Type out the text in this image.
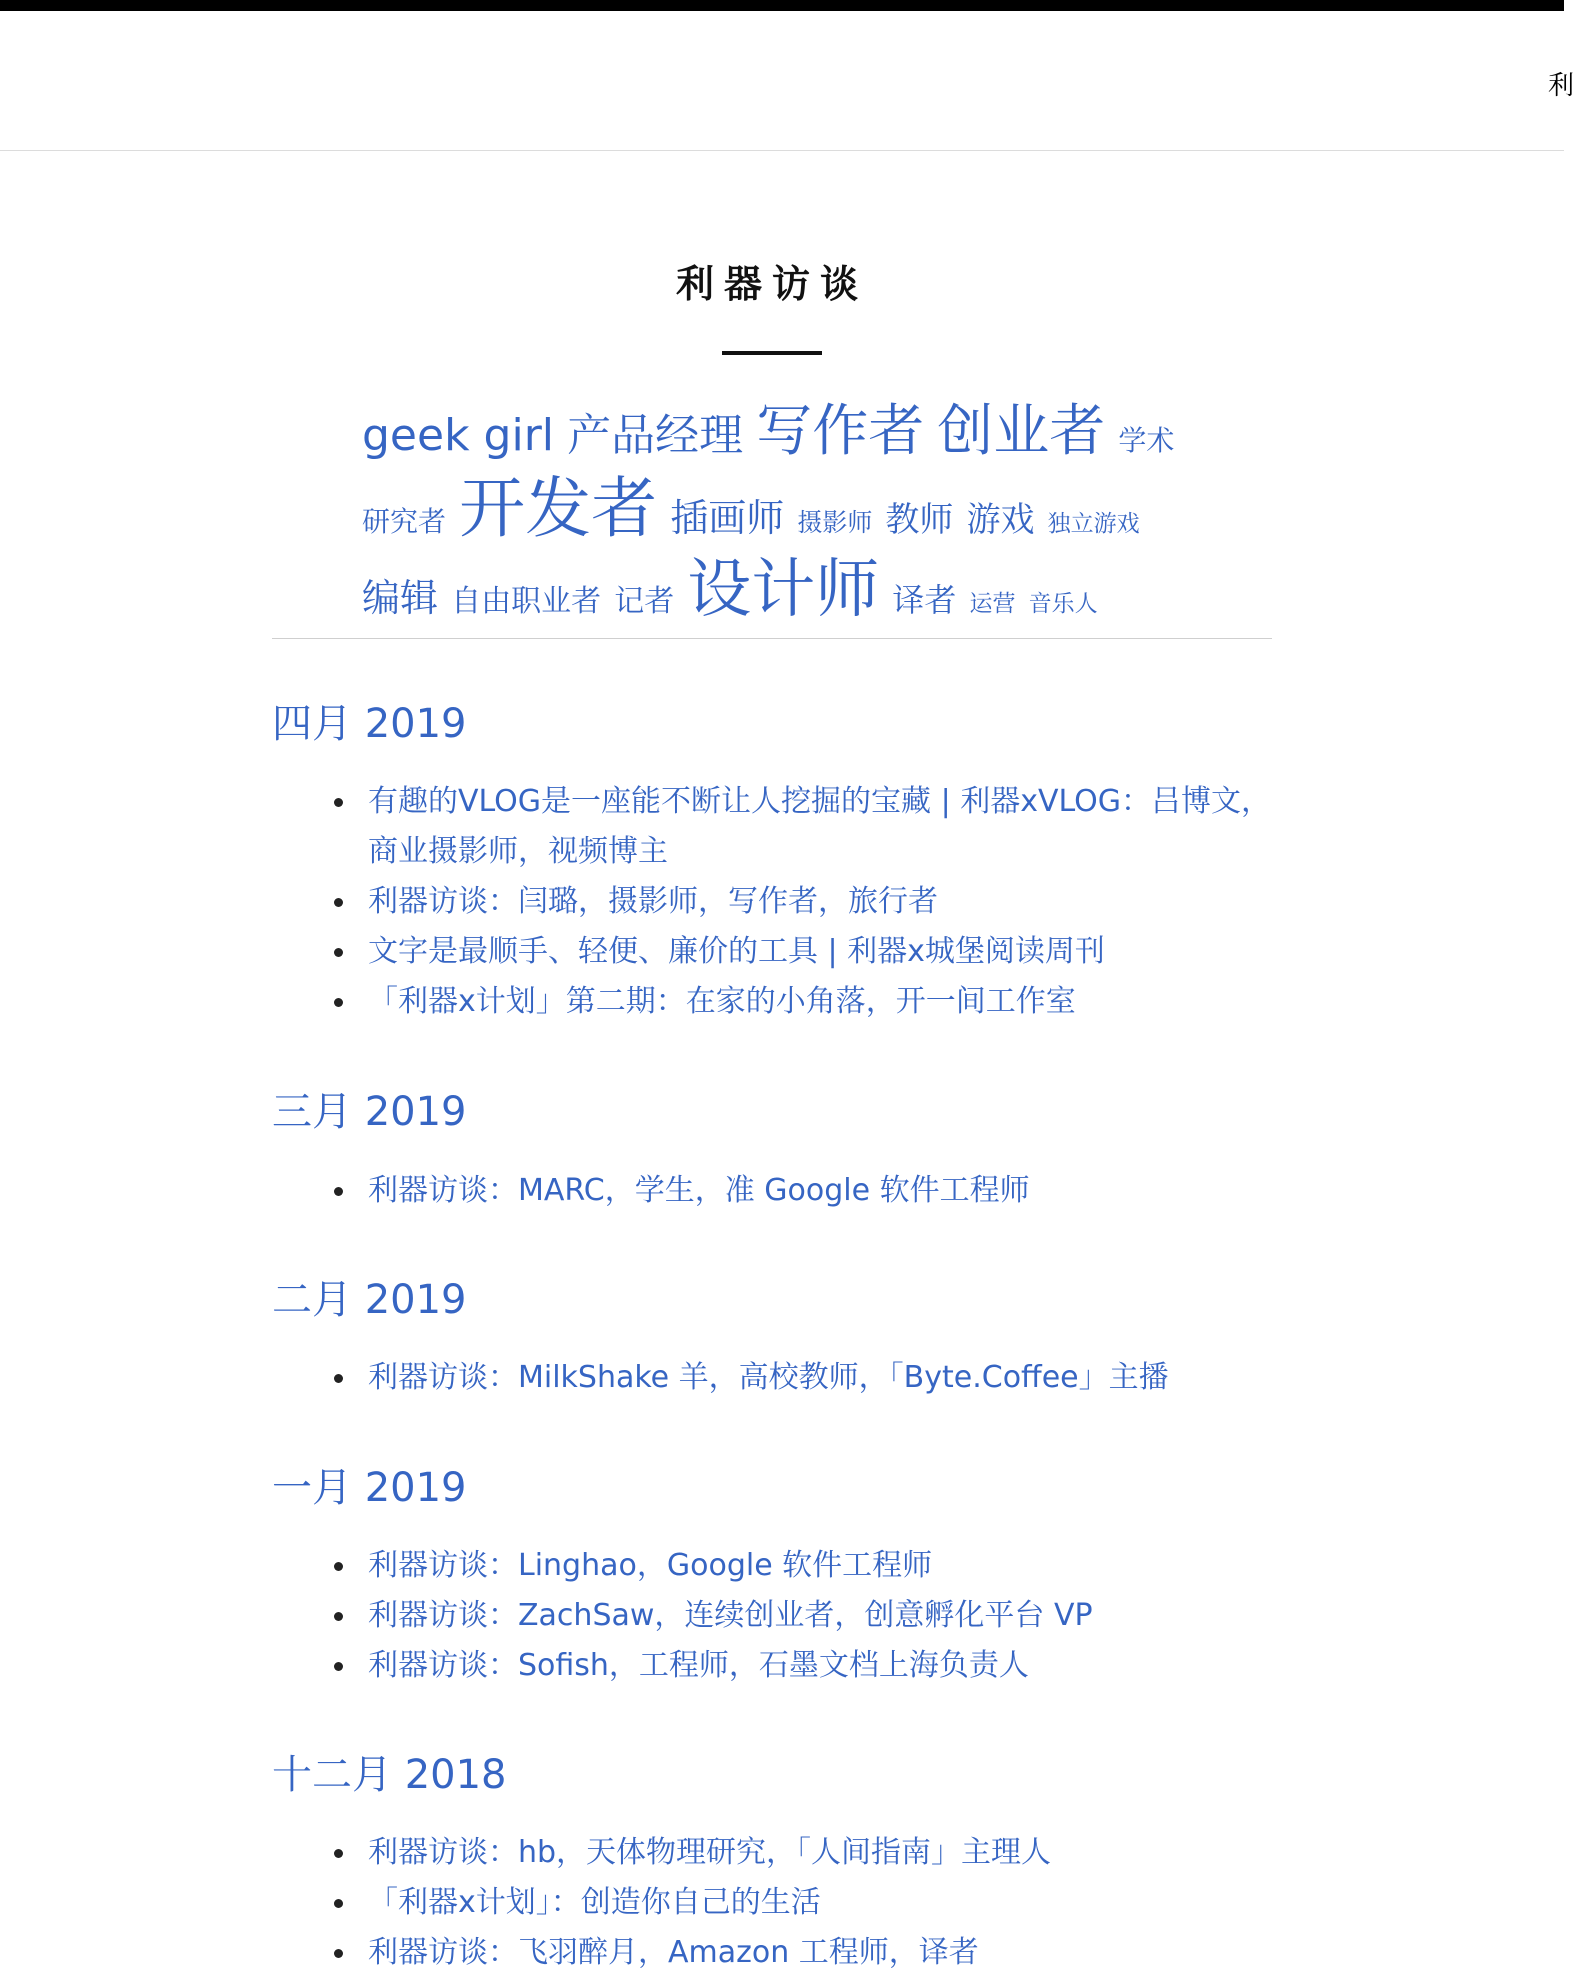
利
利器访谈
geek girl 产品经理 写作者 创业者 学术研究者 开发者 插画师 摄影师 教师 游戏 独立游戏 编辑 自由职业者 记者 设计师 译者 运营 音乐人
四月 2019
有趣的VLOG是一座能不断让人挖掘的宝藏 | 利器xVLOG：吕博文，商业摄影师，视频博主
利器访谈：闫璐，摄影师，写作者，旅行者
文字是最顺手、轻便、廉价的工具 | 利器x城堡阅读周刊
「利器x计划」第二期：在家的小角落，开一间工作室
三月 2019
利器访谈：MARC，学生，准 Google 软件工程师
二月 2019
利器访谈：MilkShake 羊，高校教师，「Byte.Coffee」主播
一月 2019
利器访谈：Linghao，Google 软件工程师
利器访谈：ZachSaw，连续创业者，创意孵化平台 VP
利器访谈：Sofish，工程师，石墨文档上海负责人
十二月 2018
利器访谈：hb，天体物理研究，「人间指南」主理人
「利器x计划」：创造你自己的生活
利器访谈：飞羽醉月，Amazon 工程师，译者
